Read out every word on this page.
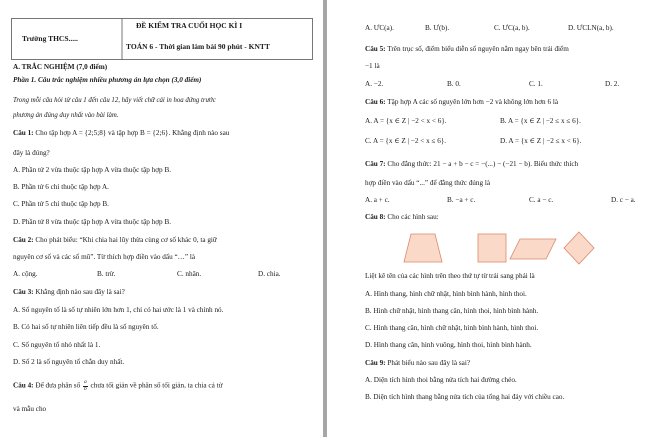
Trường THCS.....
ĐỀ KIỂM TRA CUỐI HỌC KÌ I
TOÁN 6 - Thời gian làm bài 90 phút - KNTT
A. TRẮC NGHIỆM (7,0 điểm)
Phần 1. Câu trắc nghiệm nhiều phương án lựa chọn (3,0 điểm)
Trong mỗi câu hỏi từ câu 1 đến câu 12, hãy viết chữ cái in hoa đứng trước
phương án đúng duy nhất vào bài làm.
Câu 1: Cho tập hợp A = {2;5;8} và tập hợp B = {2;6}. Khẳng định nào sau
đây là đúng?
A. Phần tử 2 vừa thuộc tập hợp A vừa thuộc tập hợp B.
B. Phần tử 6 chỉ thuộc tập hợp A.
C. Phần tử 5 chỉ thuộc tập hợp B.
D. Phần tử 8 vừa thuộc tập hợp A vừa thuộc tập hợp B.
Câu 2: Cho phát biểu: “Khi chia hai lũy thừa cùng cơ số khác 0, ta giữ
nguyên cơ số và các số mũ”. Từ thích hợp điền vào dấu “…” là
A. cộng.	B. trừ.	C. nhân.	D. chia.
Câu 3: Khẳng định nào sau đây là sai?
A. Số nguyên tố là số tự nhiên lớn hơn 1, chỉ có hai ước là 1 và chính nó.
B. Có hai số tự nhiên liên tiếp đều là số nguyên tố.
C. Số nguyên tố nhỏ nhất là 1.
D. Số 2 là số nguyên tố chẵn duy nhất.
Câu 4: Để đưa phân số $\frac{a}{b}$ chưa tối giản về phân số tối giản, ta chia cả tử
và mẫu cho
A. ƯC(a).	B. Ư(b).	C. ƯC(a, b).	D. ƯCLN(a, b).
Câu 5: Trên trục số, điểm biểu diễn số nguyên nằm ngay bên trái điểm
−1 là
A. −2.	B. 0.	C. 1.	D. 2.
Câu 6: Tập hợp A các số nguyên lớn hơn −2 và không lớn hơn 6 là
A. A = {x ∈ Z | −2 < x < 6}.	B. A = {x ∈ Z | −2 ≤ x ≤ 6}.
C. A = {x ∈ Z | −2 < x ≤ 6}.	D. A = {x ∈ Z | −2 ≤ x < 6}.
Câu 7: Cho đẳng thức: 21 − a + b − c = −(...) − (−21 − b). Biểu thức thích
hợp điền vào dấu “...” để đẳng thức đúng là
A. a + c.	B. −a + c.	C. a − c.	D. c − a.
Câu 8: Cho các hình sau:
Liệt kê tên của các hình trên theo thứ tự từ trái sang phải là
A. Hình thang, hình chữ nhật, hình bình hành, hình thoi.
B. Hình chữ nhật, hình thang cân, hình thoi, hình bình hành.
C. Hình thang cân, hình chữ nhật, hình bình hành, hình thoi.
D. Hình thang cân, hình vuông, hình thoi, hình bình hành.
Câu 9: Phát biểu nào sau đây là sai?
A. Diện tích hình thoi bằng nửa tích hai đường chéo.
B. Diện tích hình thang bằng nửa tích của tổng hai đáy với chiều cao.
